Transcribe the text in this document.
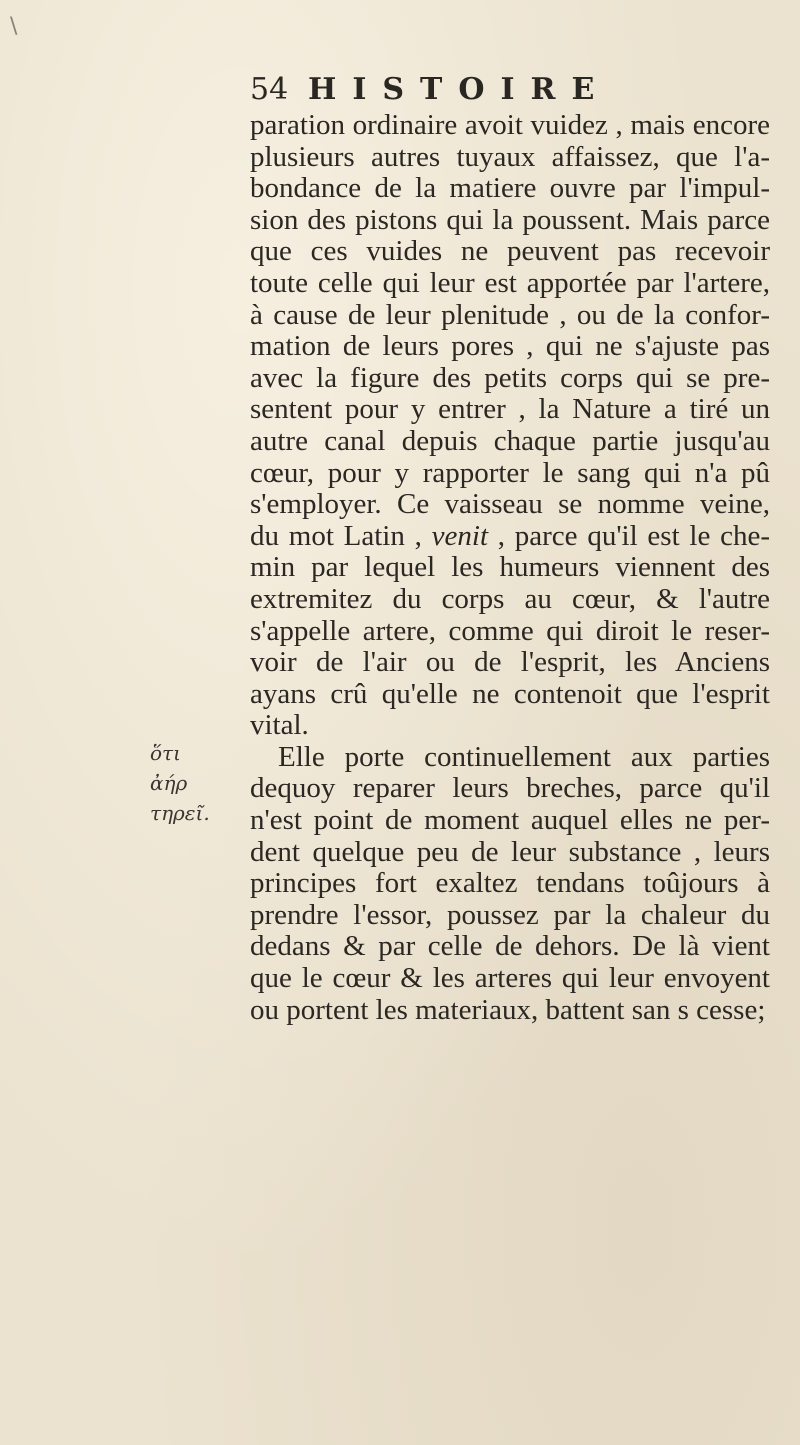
54 HISTOIRE
ὅτι
ἀήρ
τηρεῖ.
paration ordinaire avoit vuidez , mais encore
plusieurs autres tuyaux affaissez, que l'a-
bondance de la matiere ouvre par l'impul-
sion des pistons qui la poussent. Mais parce
que ces vuides ne peuvent pas recevoir
toute celle qui leur est apportée par l'artere,
à cause de leur plenitude , ou de la confor-
mation de leurs pores , qui ne s'ajuste pas
avec la figure des petits corps qui se pre-
sentent pour y entrer , la Nature a tiré un
autre canal depuis chaque partie jusqu'au
cœur, pour y rapporter le sang qui n'a pû
s'employer. Ce vaisseau se nomme veine,
du mot Latin , venit , parce qu'il est le che-
min par lequel les humeurs viennent des
extremitez du corps au cœur, & l'autre
s'appelle artere, comme qui diroit le reser-
voir de l'air ou de l'esprit, les Anciens
ayans crû qu'elle ne contenoit que l'esprit
vital.
Elle porte continuellement aux parties
dequoy reparer leurs breches, parce qu'il
n'est point de moment auquel elles ne per-
dent quelque peu de leur substance , leurs
principes fort exaltez tendans toûjours à
prendre l'essor, poussez par la chaleur du
dedans & par celle de dehors. De là vient
que le cœur & les arteres qui leur envoyent
ou portent les materiaux, battent san s cesse;
\
